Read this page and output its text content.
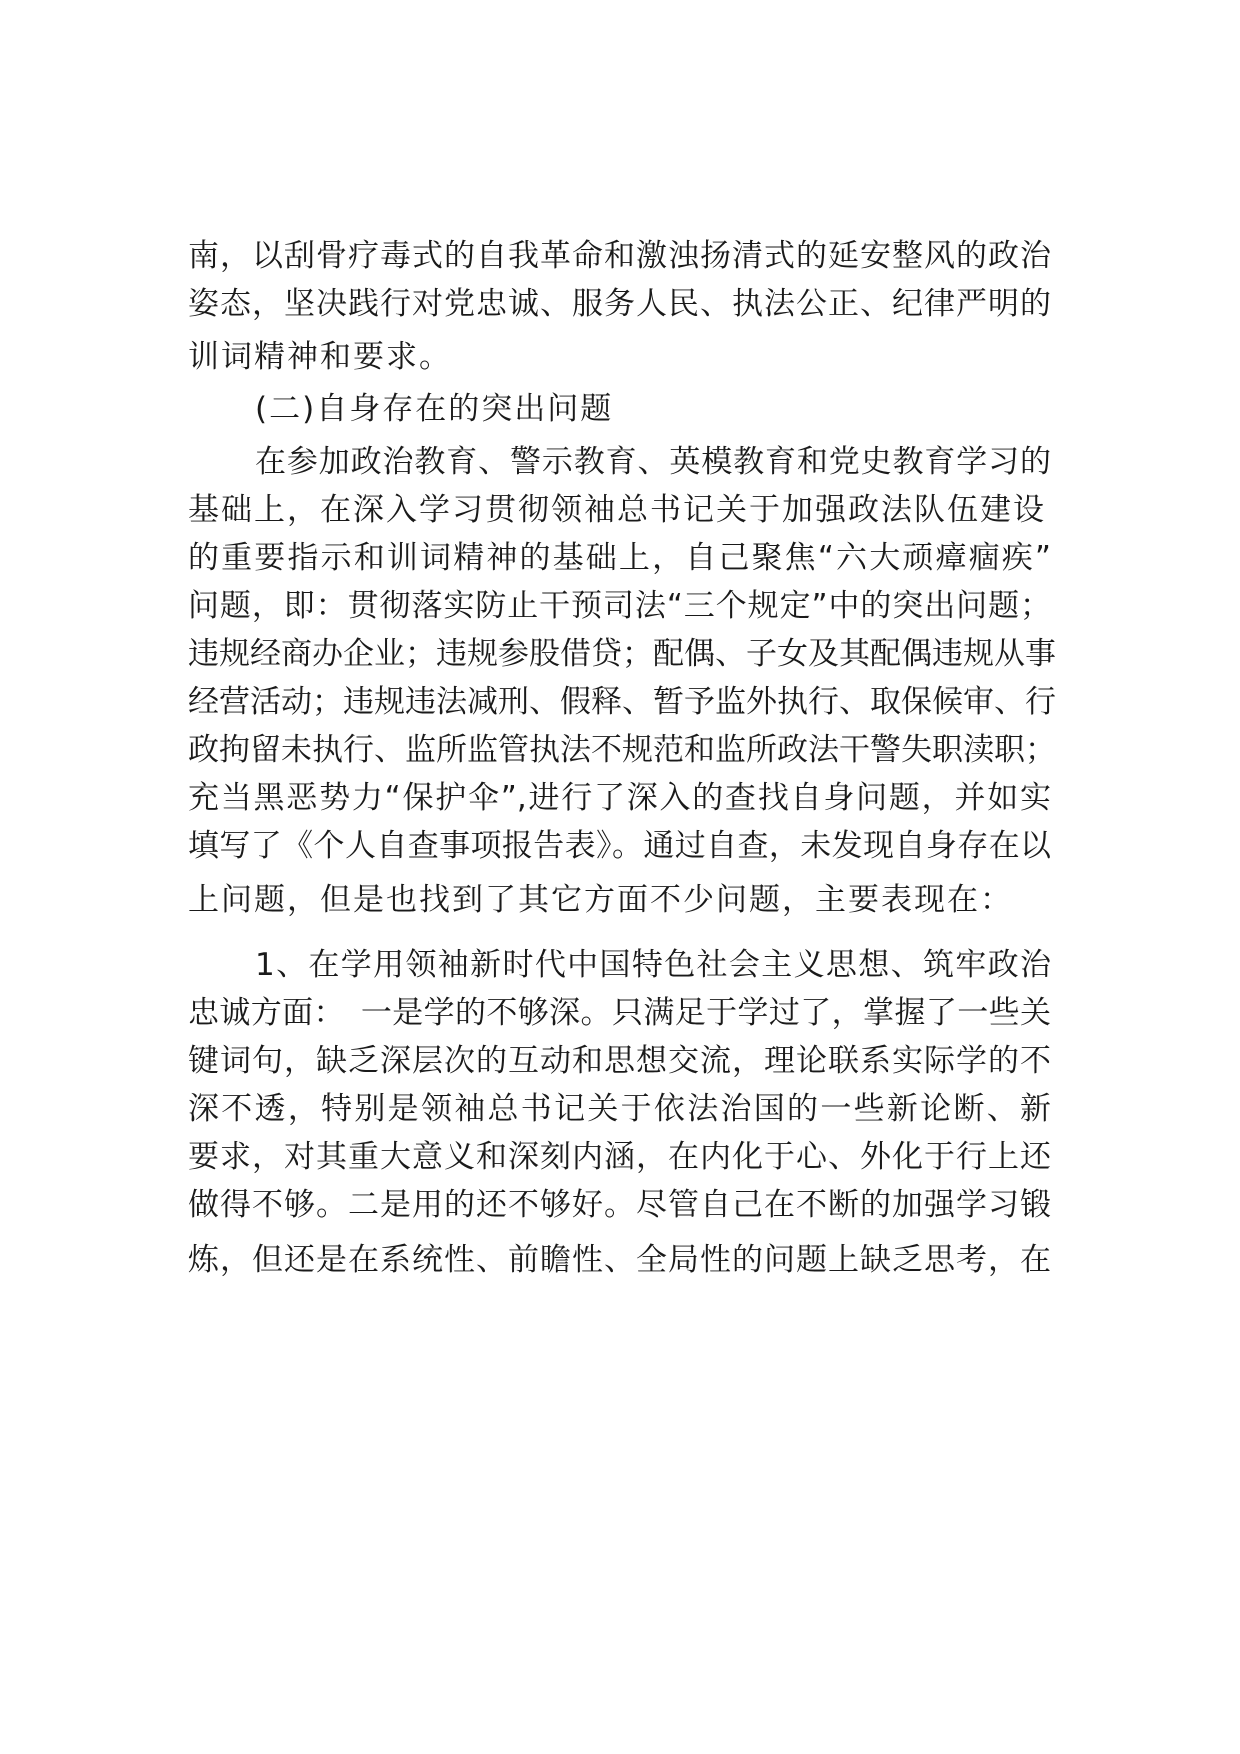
南，以刮骨疗毒式的自我革命和激浊扬清式的延安整风的政治
姿态，坚决践行对党忠诚、服务人民、执法公正、纪律严明的
训词精神和要求。
(二)自身存在的突出问题
在参加政治教育、警示教育、英模教育和党史教育学习的
基础上，在深入学习贯彻领袖总书记关于加强政法队伍建设
的重要指示和训词精神的基础上，自己聚焦“六大顽瘴痼疾”
问题，即：贯彻落实防止干预司法“三个规定”中的突出问题；
违规经商办企业；违规参股借贷；配偶、子女及其配偶违规从事
经营活动；违规违法减刑、假释、暂予监外执行、取保候审、行
政拘留未执行、监所监管执法不规范和监所政法干警失职渎职；
充当黑恶势力“保护伞”,进行了深入的查找自身问题，并如实
填写了《个人自查事项报告表》。通过自查，未发现自身存在以
上问题，但是也找到了其它方面不少问题，主要表现在：
1、在学用领袖新时代中国特色社会主义思想、筑牢政治
忠诚方面：　一是学的不够深。只满足于学过了，掌握了一些关
键词句，缺乏深层次的互动和思想交流，理论联系实际学的不
深不透，特别是领袖总书记关于依法治国的一些新论断、新
要求，对其重大意义和深刻内涵，在内化于心、外化于行上还
做得不够。二是用的还不够好。尽管自己在不断的加强学习锻
炼，但还是在系统性、前瞻性、全局性的问题上缺乏思考，在
